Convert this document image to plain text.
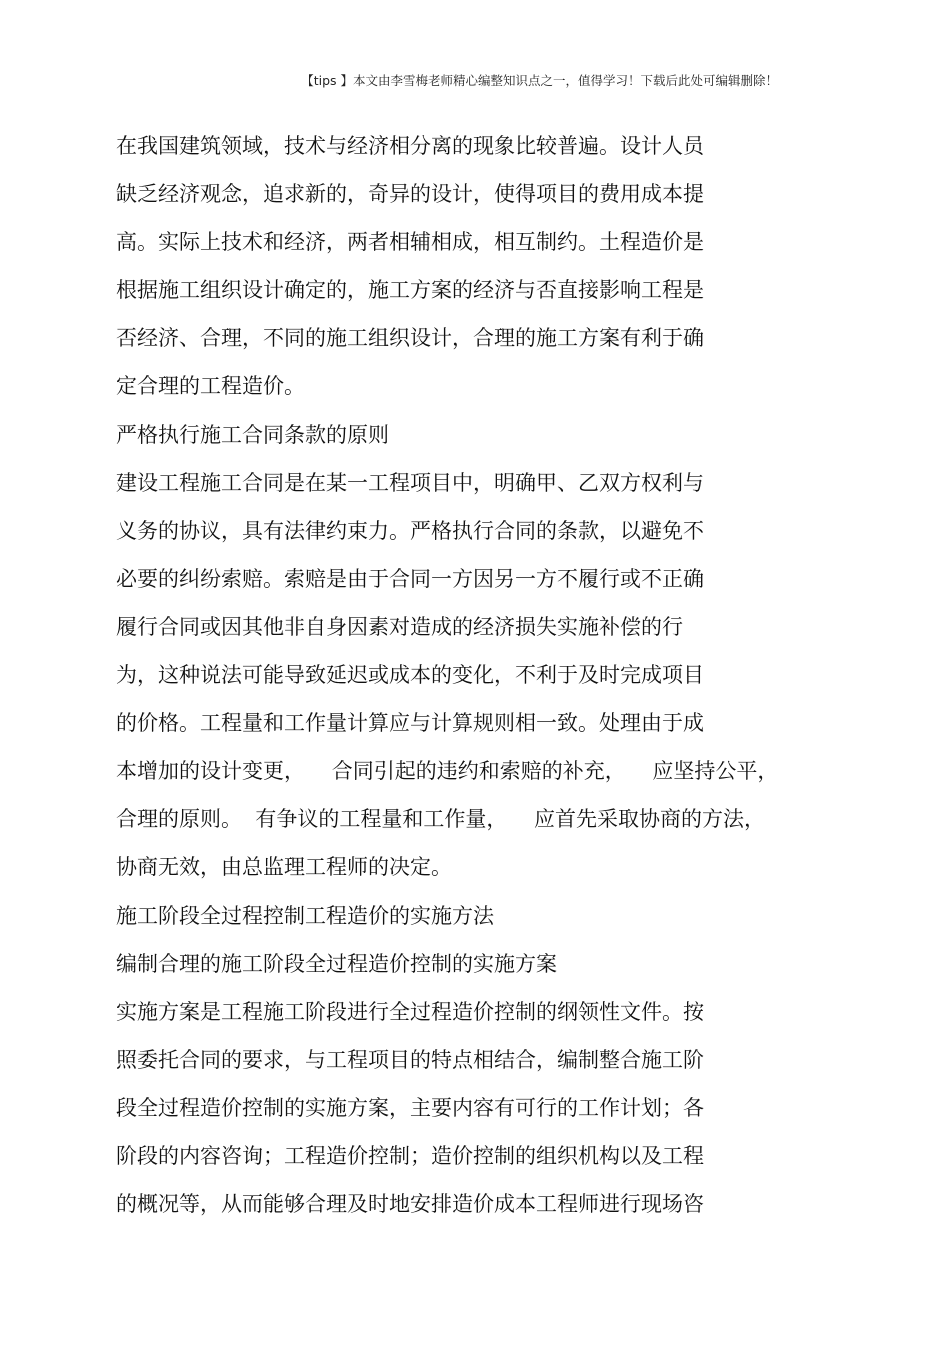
【tips 】本文由李雪梅老师精心编整知识点之一，值得学习！下载后此处可编辑删除！
在我国建筑领域，技术与经济相分离的现象比较普遍。设计人员
缺乏经济观念，追求新的，奇异的设计，使得项目的费用成本提
高。实际上技术和经济，两者相辅相成，相互制约。土程造价是
根据施工组织设计确定的，施工方案的经济与否直接影响工程是
否经济、合理，不同的施工组织设计，合理的施工方案有利于确
定合理的工程造价。
严格执行施工合同条款的原则
建设工程施工合同是在某一工程项目中，明确甲、乙双方权利与
义务的协议，具有法律约束力。严格执行合同的条款，以避免不
必要的纠纷索赔。索赔是由于合同一方因另一方不履行或不正确
履行合同或因其他非自身因素对造成的经济损失实施补偿的行
为，这种说法可能导致延迟或成本的变化，不利于及时完成项目
的价格。工程量和工作量计算应与计算规则相一致。处理由于成
本增加的设计变更，    合同引起的违约和索赔的补充，    应坚持公平，
合理的原则。  有争议的工程量和工作量，    应首先采取协商的方法，
协商无效，由总监理工程师的决定。
施工阶段全过程控制工程造价的实施方法
编制合理的施工阶段全过程造价控制的实施方案
实施方案是工程施工阶段进行全过程造价控制的纲领性文件。按
照委托合同的要求，与工程项目的特点相结合，编制整合施工阶
段全过程造价控制的实施方案，主要内容有可行的工作计划；各
阶段的内容咨询；工程造价控制；造价控制的组织机构以及工程
的概况等，从而能够合理及时地安排造价成本工程师进行现场咨
